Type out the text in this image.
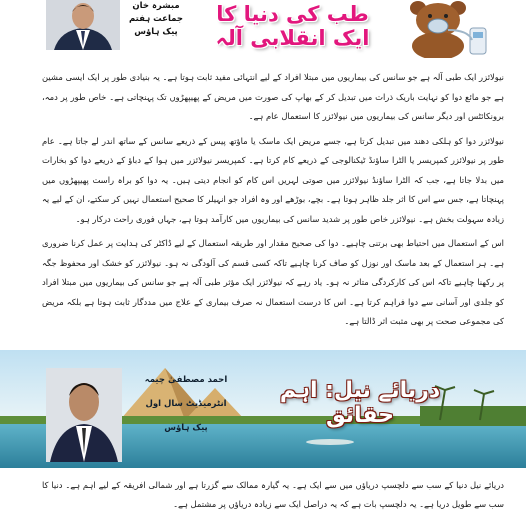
مبشرہ خان
جماعت ہفتم
پیک ہاؤس
طب کی دنیا کا ایک انقلابی آلہ

نیولائزر ایک طبی آلہ ہے جو سانس کی بیماریوں میں مبتلا افراد کے لیے انتہائی مفید ثابت ہوتا ہے۔ یہ بنیادی طور پر ایک ایسی مشین ہے جو مائع دوا کو نہایت باریک ذرات میں تبدیل کر کے بھاپ کی صورت میں مریض کے پھیپھڑوں تک پہنچاتی ہے۔ خاص طور پر دمہ، برونکائٹس اور دیگر سانس کی بیماریوں میں نیولائزر کا استعمال عام ہے۔

نیولائزر دوا کو ہلکی دھند میں تبدیل کرتا ہے، جسے مریض ایک ماسک یا ماؤتھ پیس کے ذریعے سانس کے ساتھ اندر لے جاتا ہے۔ عام طور پر نیولائزر کمپریسر یا الٹرا ساؤنڈ ٹیکنالوجی کے ذریعے کام کرتا ہے۔ کمپریسر نیولائزر میں ہوا کے دباؤ کے ذریعے دوا کو بخارات میں بدلا جاتا ہے، جب کہ الٹرا ساؤنڈ نیولائزر میں صوتی لہریں اس کام کو انجام دیتی ہیں۔ یہ دوا کو براہ راست پھیپھڑوں میں پہنچاتا ہے، جس سے اس کا اثر جلد ظاہر ہوتا ہے۔ بچے، بوڑھے اور وہ افراد جو انہیلر کا صحیح استعمال نہیں کر سکتے، ان کے لیے یہ زیادہ سہولت بخش ہے۔ نیولائزر خاص طور پر شدید سانس کی بیماریوں میں کارآمد ہوتا ہے، جہاں فوری راحت درکار ہو۔

اس کے استعمال میں احتیاط بھی برتنی چاہیے۔ دوا کی صحیح مقدار اور طریقہ استعمال کے لیے ڈاکٹر کی ہدایت پر عمل کرنا ضروری ہے۔ ہر استعمال کے بعد ماسک اور نوزل کو صاف کرنا چاہیے تاکہ کسی قسم کی آلودگی نہ ہو۔ نیولائزر کو خشک اور محفوظ جگہ پر رکھنا چاہیے تاکہ اس کی کارکردگی متاثر نہ ہو۔ یاد رہے کہ نیولائزر ایک مؤثر طبی آلہ ہے جو سانس کی بیماریوں میں مبتلا افراد کو جلدی اور آسانی سے دوا فراہم کرتا ہے۔ اس کا درست استعمال نہ صرف بیماری کے علاج میں مددگار ثابت ہوتا ہے بلکہ مریض کی مجموعی صحت پر بھی مثبت اثر ڈالتا ہے۔

احمد مصطفیٰ چیمہ
انٹرمیڈیٹ سال اول
پیک ہاؤس
دریائے نیل: اہم حقائق

دریائے نیل دنیا کے سب سے دلچسپ دریاؤں میں سے ایک ہے۔ یہ گیارہ ممالک سے گزرتا ہے اور شمالی افریقہ کے لیے اہم ہے۔ دنیا کا سب سے طویل دریا ہے۔ یہ دلچسپ بات ہے کہ یہ دراصل ایک سے زیادہ دریاؤں پر مشتمل ہے۔
